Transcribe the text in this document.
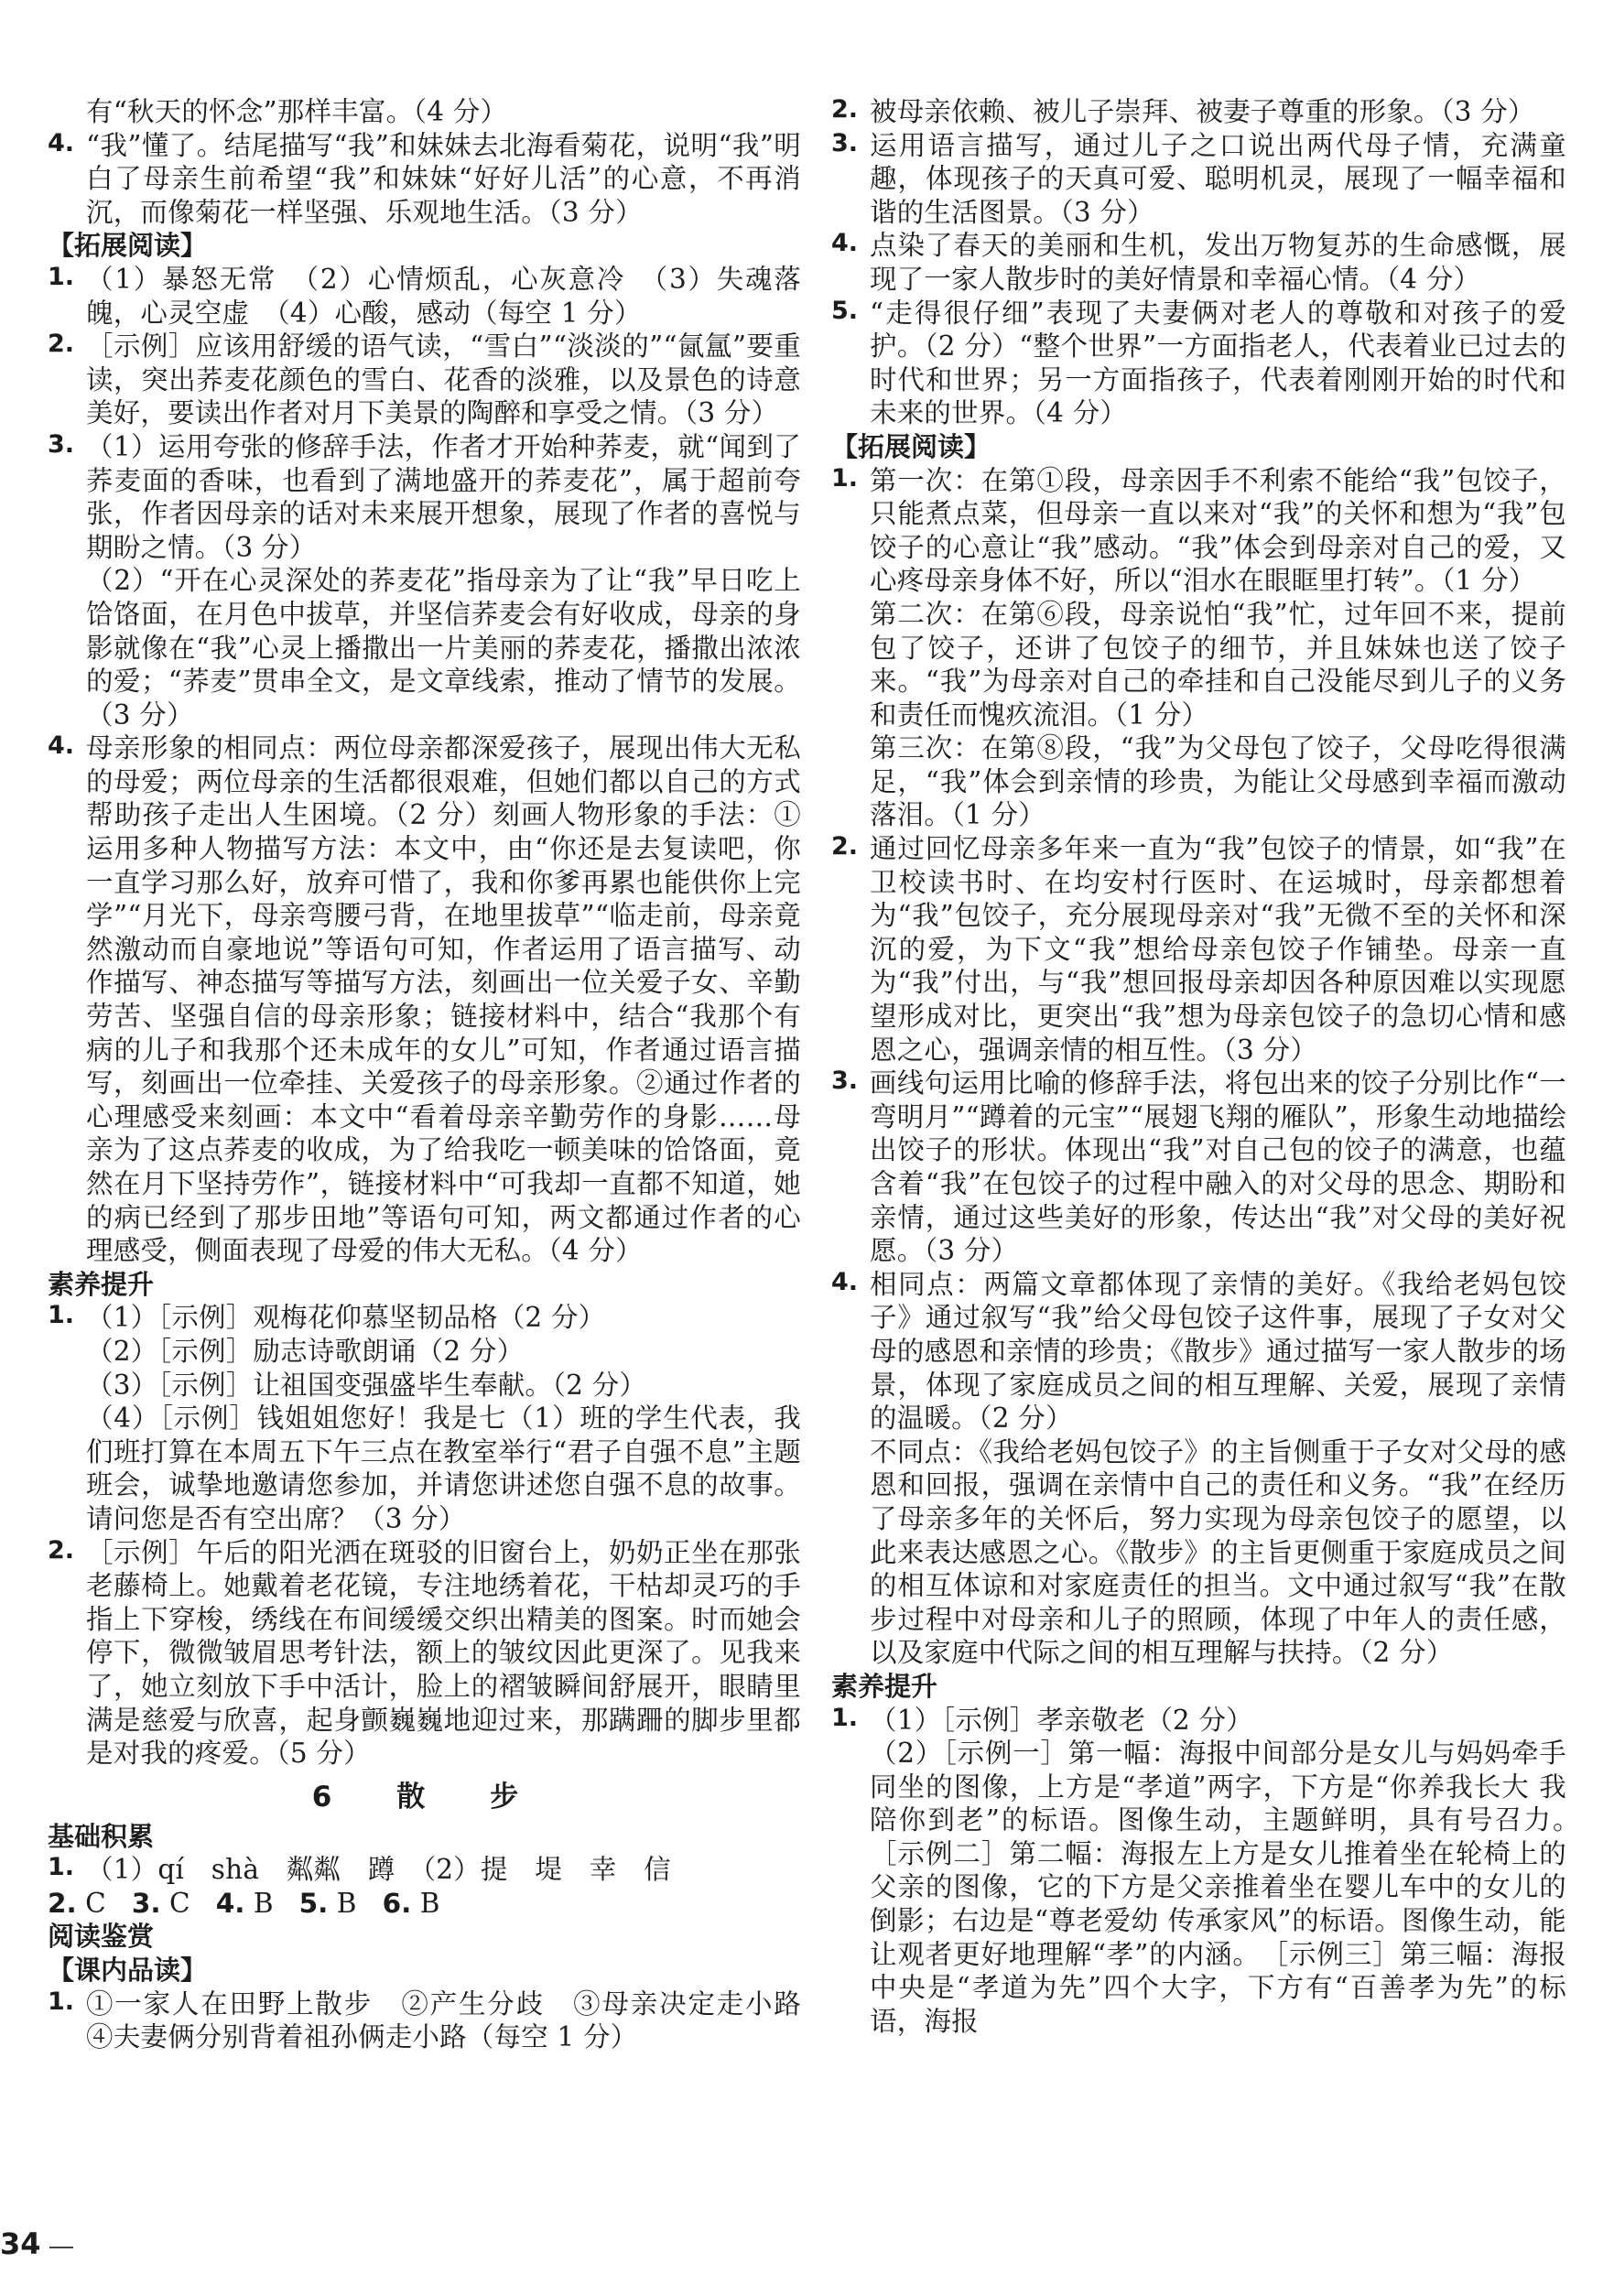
有“秋天的怀念”那样丰富。（4 分）

4. “我”懂了。结尾描写“我”和妹妹去北海看菊花，说明“我”明白了母亲生前希望“我”和妹妹“好好儿活”的心意，不再消沉，而像菊花一样坚强、乐观地生活。（3 分）

【拓展阅读】

1. （1）暴怒无常　（2）心情烦乱，心灰意冷　（3）失魂落魄，心灵空虚　（4）心酸，感动（每空 1 分）

2. ［示例］应该用舒缓的语气读，“雪白”“淡淡的”“氤氲”要重读，突出荞麦花颜色的雪白、花香的淡雅，以及景色的诗意美好，要读出作者对月下美景的陶醉和享受之情。（3 分）

3. （1）运用夸张的修辞手法，作者才开始种荞麦，就“闻到了荞麦面的香味，也看到了满地盛开的荞麦花”，属于超前夸张，作者因母亲的话对未来展开想象，展现了作者的喜悦与期盼之情。（3 分）

（2）“开在心灵深处的荞麦花”指母亲为了让“我”早日吃上饸饹面，在月色中拔草，并坚信荞麦会有好收成，母亲的身影就像在“我”心灵上播撒出一片美丽的荞麦花，播撒出浓浓的爱；“荞麦”贯串全文，是文章线索，推动了情节的发展。（3 分）

4. 母亲形象的相同点：两位母亲都深爱孩子，展现出伟大无私的母爱；两位母亲的生活都很艰难，但她们都以自己的方式帮助孩子走出人生困境。（2 分）刻画人物形象的手法：①运用多种人物描写方法：本文中，由“你还是去复读吧，你一直学习那么好，放弃可惜了，我和你爹再累也能供你上完学”“月光下，母亲弯腰弓背，在地里拔草”“临走前，母亲竟然激动而自豪地说”等语句可知，作者运用了语言描写、动作描写、神态描写等描写方法，刻画出一位关爱子女、辛勤劳苦、坚强自信的母亲形象；链接材料中，结合“我那个有病的儿子和我那个还未成年的女儿”可知，作者通过语言描写，刻画出一位牵挂、关爱孩子的母亲形象。②通过作者的心理感受来刻画：本文中“看着母亲辛勤劳作的身影……母亲为了这点荞麦的收成，为了给我吃一顿美味的饸饹面，竟然在月下坚持劳作”，链接材料中“可我却一直都不知道，她的病已经到了那步田地”等语句可知，两文都通过作者的心理感受，侧面表现了母爱的伟大无私。（4 分）

素养提升

1. （1）［示例］观梅花仰慕坚韧品格（2 分）

（2）［示例］励志诗歌朗诵（2 分）

（3）［示例］让祖国变强盛毕生奉献。（2 分）

（4）［示例］钱姐姐您好！我是七（1）班的学生代表，我们班打算在本周五下午三点在教室举行“君子自强不息”主题班会，诚挚地邀请您参加，并请您讲述您自强不息的故事。请问您是否有空出席？（3 分）

2. ［示例］午后的阳光洒在斑驳的旧窗台上，奶奶正坐在那张老藤椅上。她戴着老花镜，专注地绣着花，干枯却灵巧的手指上下穿梭，绣线在布间缓缓交织出精美的图案。时而她会停下，微微皱眉思考针法，额上的皱纹因此更深了。见我来了，她立刻放下手中活计，脸上的褶皱瞬间舒展开，眼睛里满是慈爱与欣喜，起身颤巍巍地迎过来，那蹒跚的脚步里都是对我的疼爱。（5 分）

6　散　步

基础积累

1. （1）qí　shà　粼粼　蹲　（2）提　堤　幸　信

2. C 3. C 4. B 5. B 6. B

阅读鉴赏

【课内品读】

1. ①一家人在田野上散步　②产生分歧　③母亲决定走小路　④夫妻俩分别背着祖孙俩走小路（每空 1 分）

2. 被母亲依赖、被儿子崇拜、被妻子尊重的形象。（3 分）

3. 运用语言描写，通过儿子之口说出两代母子情，充满童趣，体现孩子的天真可爱、聪明机灵，展现了一幅幸福和谐的生活图景。（3 分）

4. 点染了春天的美丽和生机，发出万物复苏的生命感慨，展现了一家人散步时的美好情景和幸福心情。（4 分）

5. “走得很仔细”表现了夫妻俩对老人的尊敬和对孩子的爱护。（2 分）“整个世界”一方面指老人，代表着业已过去的时代和世界；另一方面指孩子，代表着刚刚开始的时代和未来的世界。（4 分）

【拓展阅读】

1. 第一次：在第①段，母亲因手不利索不能给“我”包饺子，只能煮点菜，但母亲一直以来对“我”的关怀和想为“我”包饺子的心意让“我”感动。“我”体会到母亲对自己的爱，又心疼母亲身体不好，所以“泪水在眼眶里打转”。（1 分）

第二次：在第⑥段，母亲说怕“我”忙，过年回不来，提前包了饺子，还讲了包饺子的细节，并且妹妹也送了饺子来。“我”为母亲对自己的牵挂和自己没能尽到儿子的义务和责任而愧疚流泪。（1 分）

第三次：在第⑧段，“我”为父母包了饺子，父母吃得很满足，“我”体会到亲情的珍贵，为能让父母感到幸福而激动落泪。（1 分）

2. 通过回忆母亲多年来一直为“我”包饺子的情景，如“我”在卫校读书时、在均安村行医时、在运城时，母亲都想着为“我”包饺子，充分展现母亲对“我”无微不至的关怀和深沉的爱，为下文“我”想给母亲包饺子作铺垫。母亲一直为“我”付出，与“我”想回报母亲却因各种原因难以实现愿望形成对比，更突出“我”想为母亲包饺子的急切心情和感恩之心，强调亲情的相互性。（3 分）

3. 画线句运用比喻的修辞手法，将包出来的饺子分别比作“一弯明月”“蹲着的元宝”“展翅飞翔的雁队”，形象生动地描绘出饺子的形状。体现出“我”对自己包的饺子的满意，也蕴含着“我”在包饺子的过程中融入的对父母的思念、期盼和亲情，通过这些美好的形象，传达出“我”对父母的美好祝愿。（3 分）

4. 相同点：两篇文章都体现了亲情的美好。《我给老妈包饺子》通过叙写“我”给父母包饺子这件事，展现了子女对父母的感恩和亲情的珍贵；《散步》通过描写一家人散步的场景，体现了家庭成员之间的相互理解、关爱，展现了亲情的温暖。（2 分）

不同点：《我给老妈包饺子》的主旨侧重于子女对父母的感恩和回报，强调在亲情中自己的责任和义务。“我”在经历了母亲多年的关怀后，努力实现为母亲包饺子的愿望，以此来表达感恩之心。《散步》的主旨更侧重于家庭成员之间的相互体谅和对家庭责任的担当。文中通过叙写“我”在散步过程中对母亲和儿子的照顾，体现了中年人的责任感，以及家庭中代际之间的相互理解与扶持。（2 分）

素养提升

1. （1）［示例］孝亲敬老（2 分）

（2）［示例一］第一幅：海报中间部分是女儿与妈妈牵手同坐的图像，上方是“孝道”两字，下方是“你养我长大 我陪你到老”的标语。图像生动，主题鲜明，具有号召力。　［示例二］第二幅：海报左上方是女儿推着坐在轮椅上的父亲的图像，它的下方是父亲推着坐在婴儿车中的女儿的倒影；右边是“尊老爱幼 传承家风”的标语。图像生动，能让观者更好地理解“孝”的内涵。　［示例三］第三幅：海报中央是“孝道为先”四个大字，下方有“百善孝为先”的标语，海报

34
